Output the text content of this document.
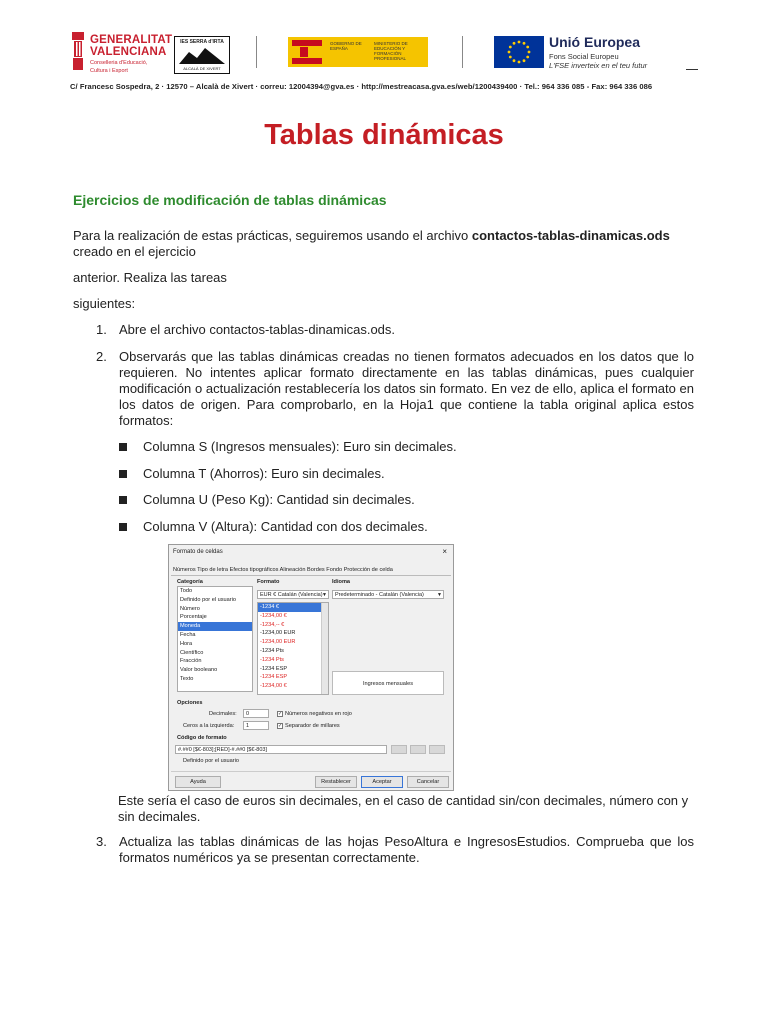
GENERALITAT
VALENCIANA
Conselleria d'Educació,
Cultura i Esport
IES SERRA d'IRTA
ALCALÀ DE XIVERT
GOBIERNO DE ESPAÑA
MINISTERIO DE EDUCACIÓN Y FORMACIÓN PROFESIONAL
Unió Europea
Fons Social Europeu
L'FSE inverteix en el teu futur
C/ Francesc Sospedra, 2 · 12570 – Alcalà de Xivert · correu: 12004394@gva.es · http://mestreacasa.gva.es/web/1200439400 · Tel.: 964 336 085 - Fax: 964 336 086
Tablas dinámicas
Ejercicios de modificación de tablas dinámicas
Para la realización de estas prácticas, seguiremos usando el archivo contactos-tablas-dinamicas.ods
creado en el ejercicio
anterior. Realiza las tareas
siguientes:
1. Abre el archivo contactos-tablas-dinamicas.ods.
2. Observarás que las tablas dinámicas creadas no tienen formatos adecuados en los datos que lo requieren. No intentes aplicar formato directamente en las tablas dinámicas, pues cualquier modificación o actualización restablecería los datos sin formato. En vez de ello, aplica el formato en los datos de origen. Para comprobarlo, en la Hoja1 que contiene la tabla original aplica estos formatos:
Columna S (Ingresos mensuales): Euro sin decimales.
Columna T (Ahorros): Euro sin decimales.
Columna U (Peso Kg): Cantidad sin decimales.
Columna V (Altura): Cantidad con dos decimales.
Formato de celdas	×
Números Tipo de letra Efectos tipográficos Alineación Bordes Fondo Protección de celda
Categoría
Todo
Definido por el usuario
Número
Porcentaje
Moneda
Fecha
Hora
Científico
Fracción
Valor booleano
Texto
Formato
EUR € Catalán (Valencia) ▼
-1234 €
-1234,00 €
-1234,-- €
-1234,00 EUR
-1234,00 EUR
-1234 Pts
-1234 Pts
-1234 ESP
-1234 ESP
-1234,00 €
Idioma
Predeterminado - Catalán (Valencia)	▼
Ingresos mensuales
Opciones
Decimales:	0
Ceros a la izquierda:	1
✓ Números negativos en rojo
✓ Separador de millares
Código de formato
#.##0 [$€-803];[RED]-#.##0 [$€-803]
Definido por el usuario
Ayuda	Restablecer	Aceptar	Cancelar
Este sería el caso de euros sin decimales, en el caso de cantidad sin/con decimales, número con y sin decimales.
3. Actualiza las tablas dinámicas de las hojas PesoAltura e IngresosEstudios. Comprueba que los formatos numéricos ya se presentan correctamente.
